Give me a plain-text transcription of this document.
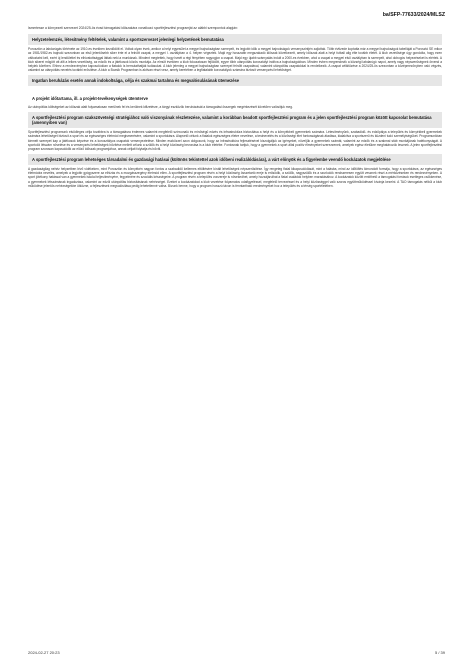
ba/SFP-77633/2024/MLSZ

Ismertesse a környezeti szervezet 2024/25-ös évad támogatási időszakára vonatkozó sportfejlesztési programját az alábbi szempontok alapján:

Helyzetelemzés, létesítmény feltételek, valamint a sportszervezet jelenlegi helyzetének bemutatása

Porosztón a labdarúgás története az 1910-es években kezdődött el. Voltak olyan évek, amikor a helyi egyesület a megyei bajnokságban szerepelt, és legjobb idők a megyei bajnokságok versenyszintjén zajlottak. Több évtizede koptatta már a megyei bajnokságok tabelláját a Porosztó SE mikor az 1981/1982-es bajnoki szezonban az első jelentősebb siker érte el a felnőtt csapat, a megyei I. osztályban a 4. helyen végeztek. Majd egy hosszabb megszakadó időszak következett, amely időszak alatt a helyi futball alig élte tovább életét. A klub vezetősége úgy gondolta, hogy ezen változtatni kell, ezért új lendülettel és elhivatottsággal láttak neki a munkának. Mindent megtettek, hogy ismét a régi fényében ragyogjon a csapat. Majd egy újabb szárnyalás indult a 2000-es években, ahol a csapat a megyei első osztályban is szerepelt, ahol dobogós helyezéseket is elértek. A klub sikerei mögött ott állt a lelkes vezetőség, az edzők és a játékosok közös munkája. Az elmúlt években a klub fokozatosan fejlődött, egyre több utánpótlás korosztályt indítva a bajnokságokban. Minden évben megrendezik a községi labdarúgó napot, amely nagy népszerűségnek örvend a helyiek körében. Ehhez a rendezvényhez kapcsolódóan a fiatalok is bemutathatják tudásukat. A klub jelenleg a megyei bajnokságban szerepel felnőtt csapatával, valamint utánpótlás csapatokkal is rendelkezik. A csapat célkitűzése a 2024/25-ös szezonban a középmezőnyben való végzés, valamint az utánpótlás nevelés további erősítése. A klub a Bozsik Programban is aktívan részt vesz, amely keretében a legfiatalabb korosztályok számára biztosít versenyzési lehetőséget.

Ingatlan beruházás esetén annak indokoltsága, célja és szakmai tartalma és megvalósulásának ütemezése
A projekt időtartama, ill. a projekt-tevékenységek ütemterve

Az utánpótlás költségeket az időszak alatt folyamatosan merülnek fel és kerülnek kifizetésre, a tárgyi eszközök beruházását a támogatási összegek megérkezését követően valósítjuk meg.

A sportfejlesztési program szakszövetségi stratégiához való viszonyának részletezése, valamint a korábban beadott sportfejlesztési program és a jelen sportfejlesztési program között kapcsolat bemutatása (amennyiben van)

Sportfejlesztési programunk elsődleges célja továbbra is a támogatásra érdemes valamint megfelelő színvonalú és minőségű edzés és infrastruktúra biztosítása a helyi és a környékbeli gyermekek számára. Létesítményünk, szabadidő- és edzőpálya a település és környékbeli gyermekek számára lehetőséget biztosít a sport és az egészséges életmód megismerésére, valamint a sportolásra. Alapvető célunk a fiatalok egészséges életre nevelése, a testnevelés és a közösségi élet fontosságának átadása, kialakítva a sportszerű és küzdeni tudó személyiségüket. Programunkban kiemelt szerepet kap a játékosok képzése és a korosztályos csapatok versenyeztetése. Minden eszközzel azon dolgozunk, hogy az infrastruktúra fejlesztésével kiszolgáljuk az igényeket, növeljük a gyermekek számát, valamint az edzők és a szakmai stáb munkájának hatékonyságát. A sportolói létszám növelése és a versenyzési lehetőségek bővítése mellett célunk a szülők és a helyi közösség bevonása is a klub életébe. Fontosnak tartjuk, hogy a gyermekek a sport által pozitív élményeket szerezzenek, amelyek egész életükre meghatározók lesznek. A jelen sportfejlesztési program szorosan kapcsolódik az előző időszak programjához, annak céljait folytatja és bővíti.

A sportfejlesztési program lehetséges társadalmi és gazdasági hatásai (különös tekintettel azok időbeni realizálódására), a várt előnyök és a figyelembe veendő kockázatok megjelölése

A gazdaságilag nehéz helyzetben lévő vidékeken, mint Porosztón és környékén nagyon fontos a szabadidő kellemes eltöltésére kínált lehetőségek népszerűsítése. Így rengeteg fiatal kikapcsolódását, mint a futásba, mind az időtöltés kimondott formája, hogy a sportolásra, az egészséges életmódra nevelés, amelyek a legjobb gyógyszere az elhízás és a mozgásszegény életmód ellen. A sportfejlesztési program révén a helyi közösség összetartó ereje is erősödik, a szülők, nagyszülők és a szurkolók rendszeresen együtt vesznek részt a mérkőzéseken és rendezvényeken. A sport jótékony hatással van a gyermekek iskolai teljesítményére, fegyelmére és szociális készségeire. A program révén a település vonzereje is növekedhet, amely hozzájárulhat a fiatal családok helyben maradásához. A kockázatok között említhető a támogatási források esetleges csökkenése, a gyermekek létszámának ingadozása, valamint az edzői utánpótlás biztosításának nehézségei. Ezeket a kockázatokat a klub vezetése folyamatos odafigyeléssel, megfelelő tervezéssel és a helyi közösséggel való szoros együttműködéssel kívánja kezelni. A TAO támogatás nélkül a klub működése jelentős nehézségekbe ütközne, a fejlesztések megvalósítása pedig lehetetlenné válna. Bízunk benne, hogy a program hosszú távon is fenntartható eredményeket hoz a település és a térség sportéletében.

2024-02-27 20:23	5 / 39
